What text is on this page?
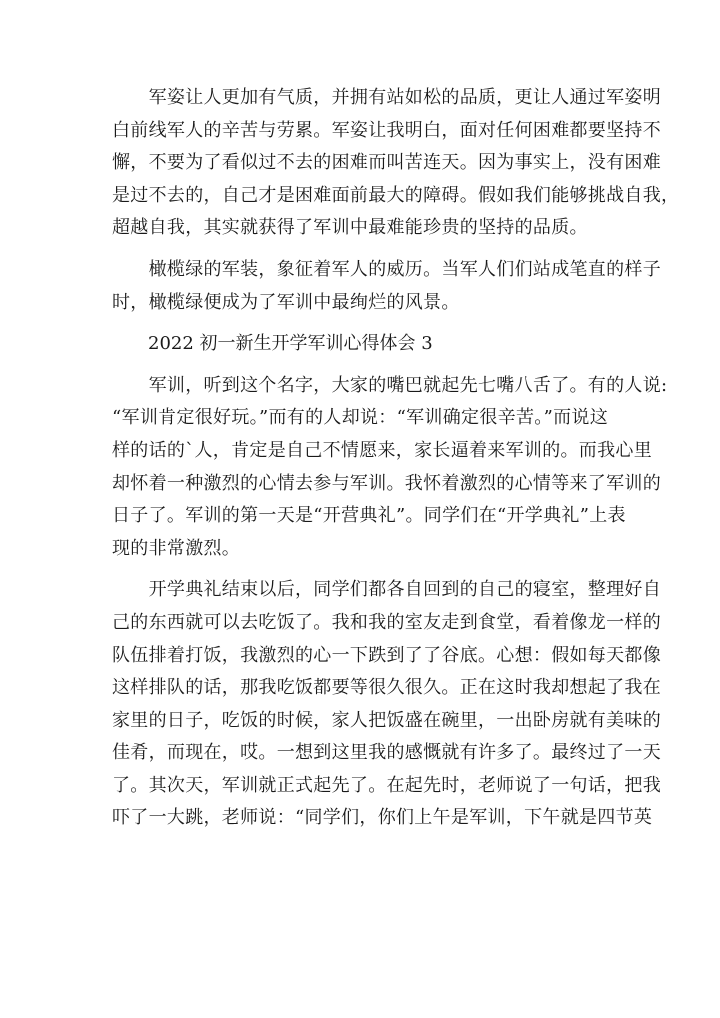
　　军姿让人更加有气质，并拥有站如松的品质，更让人通过军姿明
白前线军人的辛苦与劳累。军姿让我明白，面对任何困难都要坚持不
懈，不要为了看似过不去的困难而叫苦连天。因为事实上，没有困难
是过不去的，自己才是困难面前最大的障碍。假如我们能够挑战自我，
超越自我，其实就获得了军训中最难能珍贵的坚持的品质。
　　橄榄绿的军装，象征着军人的威历。当军人们们站成笔直的样子
时，橄榄绿便成为了军训中最绚烂的风景。
　　2022 初一新生开学军训心得体会 3
　　军训，听到这个名字，大家的嘴巴就起先七嘴八舌了。有的人说:
“军训肯定很好玩。”而有的人却说：“军训确定很辛苦。”而说这
样的话的`人，肯定是自己不情愿来，家长逼着来军训的。而我心里
却怀着一种激烈的心情去参与军训。我怀着激烈的心情等来了军训的
日子了。军训的第一天是“开营典礼”。同学们在“开学典礼”上表
现的非常激烈。
　　开学典礼结束以后，同学们都各自回到的自己的寝室，整理好自
己的东西就可以去吃饭了。我和我的室友走到食堂，看着像龙一样的
队伍排着打饭，我激烈的心一下跌到了了谷底。心想：假如每天都像
这样排队的话，那我吃饭都要等很久很久。正在这时我却想起了我在
家里的日子，吃饭的时候，家人把饭盛在碗里，一出卧房就有美味的
佳肴，而现在，哎。一想到这里我的感慨就有许多了。最终过了一天
了。其次天，军训就正式起先了。在起先时，老师说了一句话，把我
吓了一大跳，老师说：“同学们，你们上午是军训，下午就是四节英
